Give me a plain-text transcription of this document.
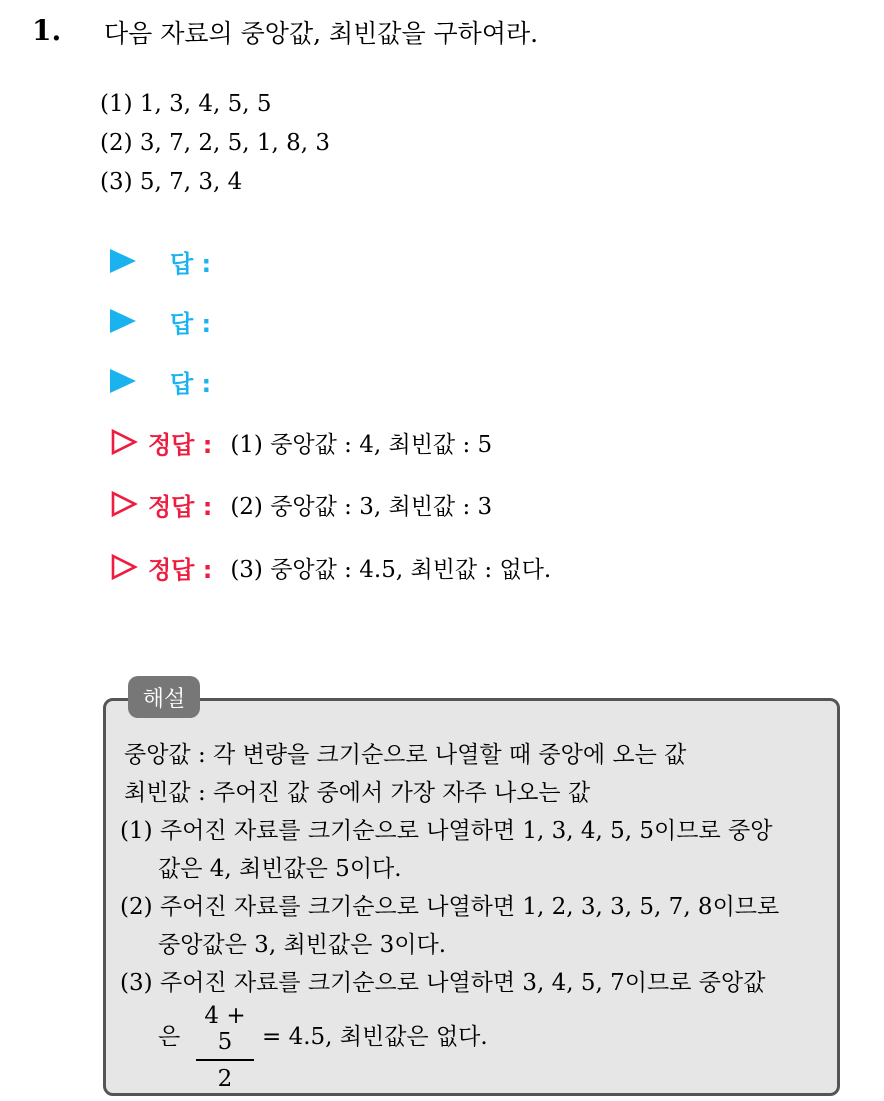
1. 다음 자료의 중앙값, 최빈값을 구하여라.
(1) 1, 3, 4, 5, 5
(2) 3, 7, 2, 5, 1, 8, 3
(3) 5, 7, 3, 4
답 :
답 :
답 :
정답 : (1) 중앙값 : 4, 최빈값 : 5
정답 : (2) 중앙값 : 3, 최빈값 : 3
정답 : (3) 중앙값 : 4.5, 최빈값 : 없다.
해설
중앙값 : 각 변량을 크기순으로 나열할 때 중앙에 오는 값
최빈값 : 주어진 값 중에서 가장 자주 나오는 값
(1) 주어진 자료를 크기순으로 나열하면 1, 3, 4, 5, 5이므로 중앙
값은 4, 최빈값은 5이다.
(2) 주어진 자료를 크기순으로 나열하면 1, 2, 3, 3, 5, 7, 8이므로
중앙값은 3, 최빈값은 3이다.
(3) 주어진 자료를 크기순으로 나열하면 3, 4, 5, 7이므로 중앙값
은
4 + 5
2
= 4.5, 최빈값은 없다.
